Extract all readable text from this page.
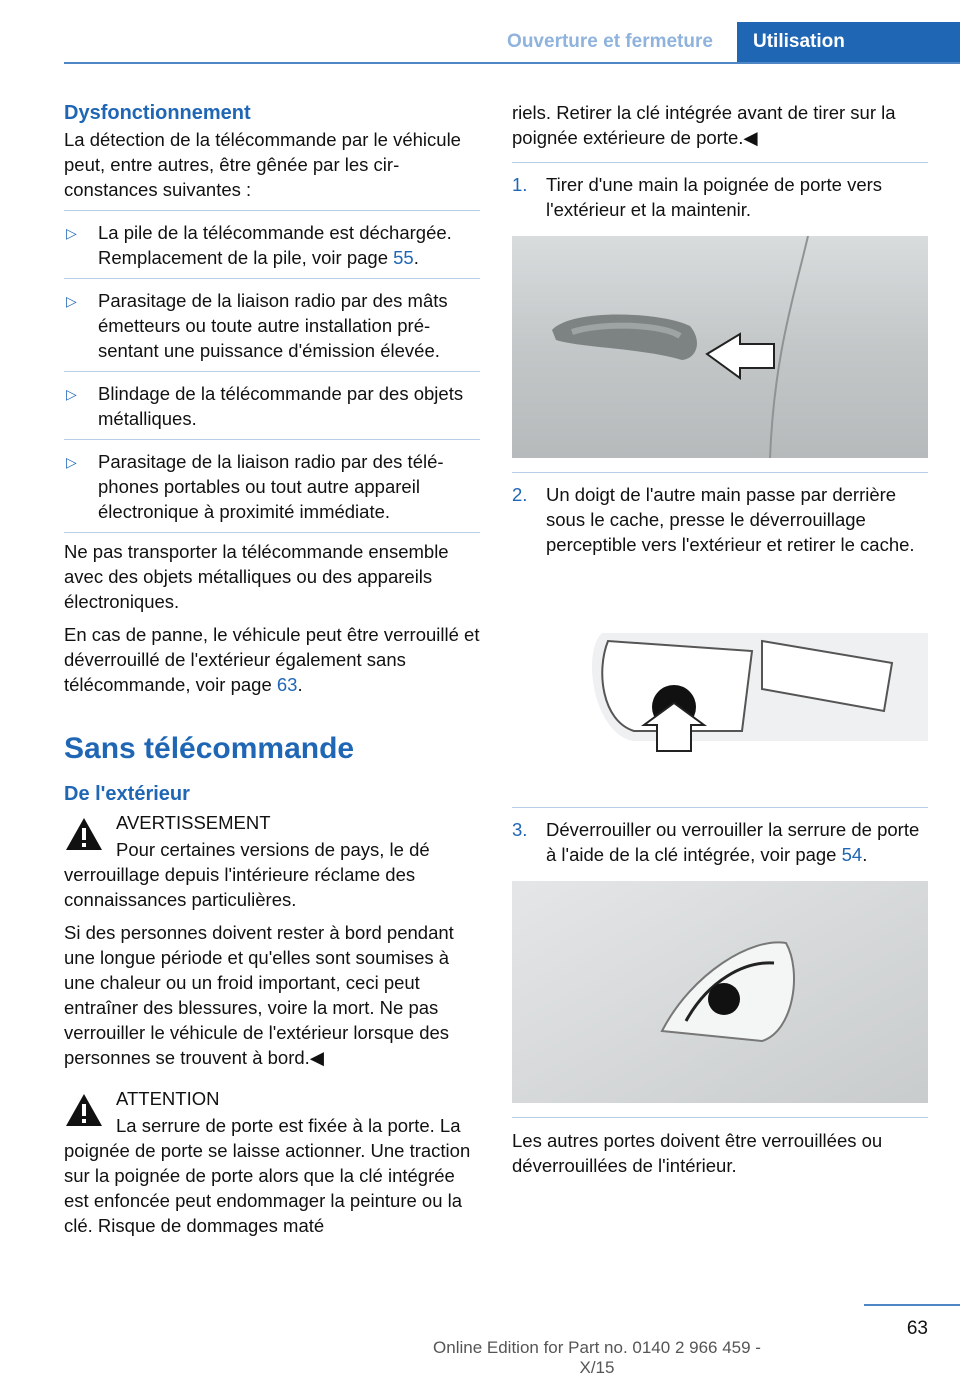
Ouverture et fermeture	Utilisation
Dysfonctionnement

La détection de la télécommande par le véhicule peut, entre autres, être gênée par les circonstances suivantes :

▷ La pile de la télécommande est déchargée. Remplacement de la pile, voir page 55.
▷ Parasitage de la liaison radio par des mâts émetteurs ou toute autre installation présentant une puissance d'émission élevée.
▷ Blindage de la télécommande par des objets métalliques.
▷ Parasitage de la liaison radio par des téléphones portables ou tout autre appareil électronique à proximité immédiate.

Ne pas transporter la télécommande ensemble avec des objets métalliques ou des appareils électroniques.

En cas de panne, le véhicule peut être verrouillé et déverrouillé de l'extérieur également sans télécommande, voir page 63.

Sans télécommande
De l'extérieur
AVERTISSEMENT

Pour certaines versions de pays, le dé

verrouillage depuis l'intérieure réclame des connaissances particulières.

Si des personnes doivent rester à bord pendant une longue période et qu'elles sont soumises à une chaleur ou un froid important, ceci peut entraîner des blessures, voire la mort. Ne pas verrouiller le véhicule de l'extérieur lorsque des personnes se trouvent à bord.◀

ATTENTION

La serrure de porte est fixée à la porte. La

poignée de porte se laisse actionner. Une traction sur la poignée de porte alors que la clé intégrée est enfoncée peut endommager la peinture ou la clé. Risque de dommages maté

riels. Retirer la clé intégrée avant de tirer sur la poignée extérieure de porte.◀

1.	Tirer d'une main la poignée de porte vers l'extérieur et la maintenir.

2.	Un doigt de l'autre main passe par derrière sous le cache, presse le déverrouillage perceptible vers l'extérieur et retirer le cache.

3.	Déverrouiller ou verrouiller la serrure de porte à l'aide de la clé intégrée, voir page 54.

Les autres portes doivent être verrouillées ou déverrouillées de l'intérieur.

63
Online Edition for Part no. 0140 2 966 459 - X/15
